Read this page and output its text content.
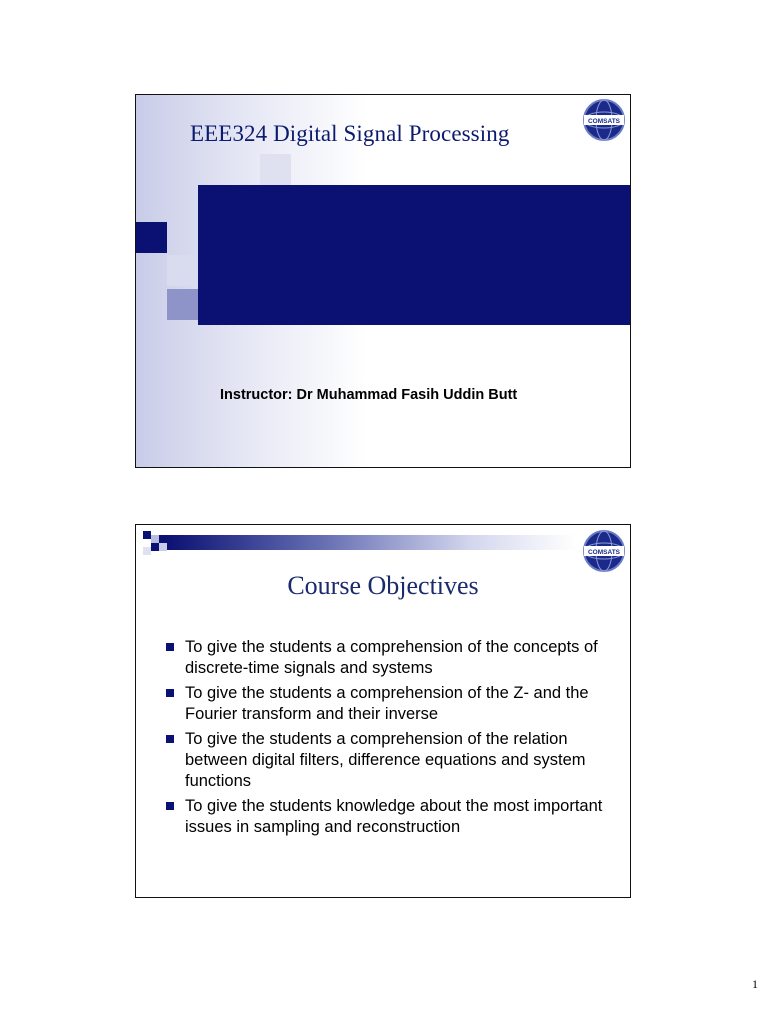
EEE324 Digital Signal Processing	COMSATS
Instructor: Dr Muhammad Fasih Uddin Butt
COMSATS
Course Objectives
To give the students a comprehension of the concepts of discrete-time signals and systems
To give the students a comprehension of the Z- and the Fourier transform and their inverse
To give the students a comprehension of the relation between digital filters, difference equations and system functions
To give the students knowledge about the most important issues in sampling and reconstruction
1
